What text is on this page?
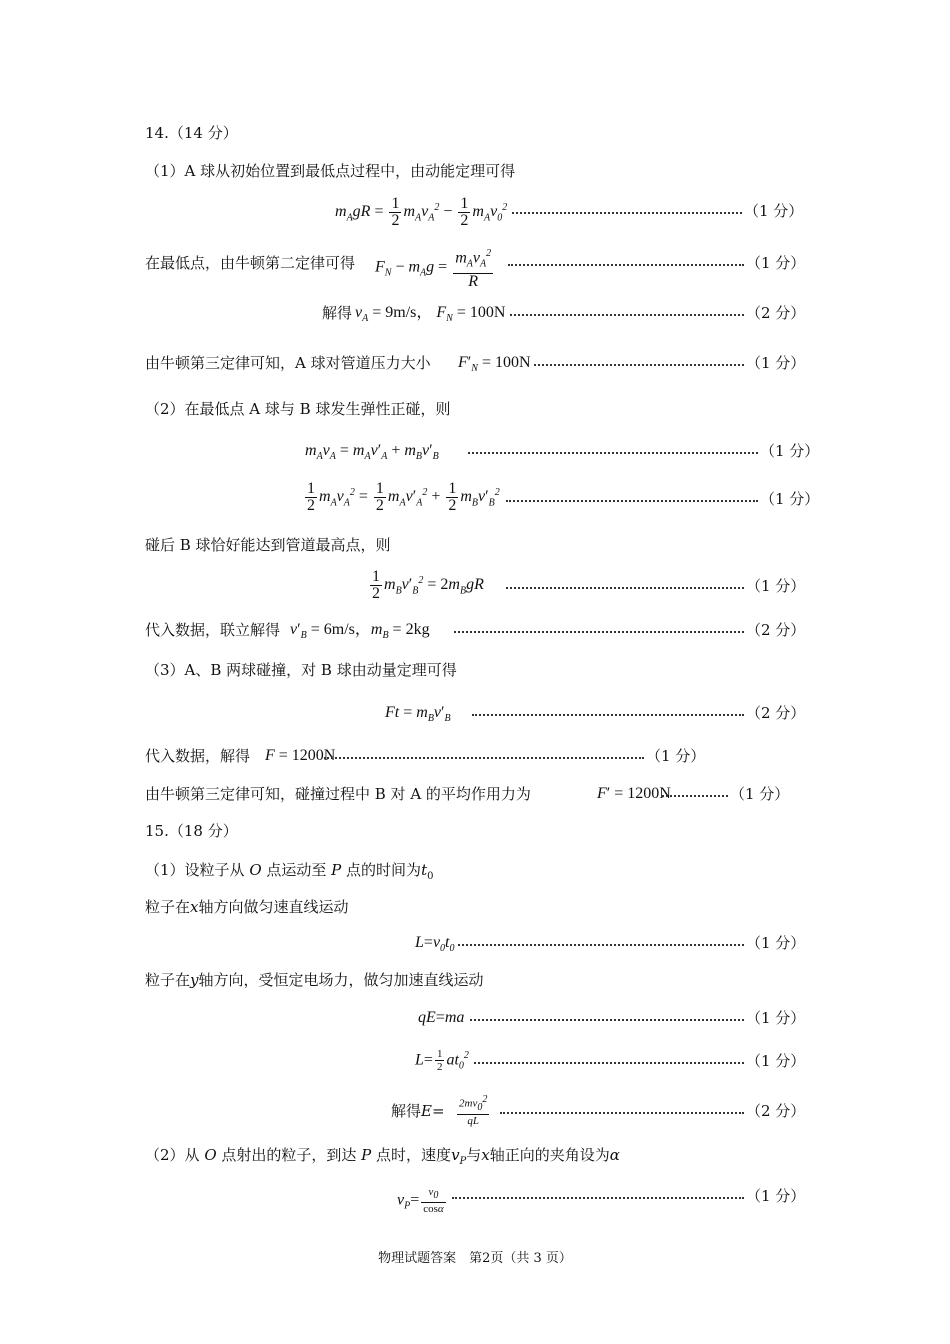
14.（14 分）
（1）A 球从初始位置到最低点过程中，由动能定理可得
$m_AgR = \frac{1}{2} m_Av_A^2 - \frac{1}{2} m_Av_0^2$	（1 分）
在最低点，由牛顿第二定律可得 $F_N - m_Ag = \frac{m_Av_A^2}{R}$	（1 分）
解得 $v_A = 9m/s$， $F_N = 100N$	（2 分）
由牛顿第三定律可知，A 球对管道压力大小 $F'_N = 100N$	（1 分）
（2）在最低点 A 球与 B 球发生弹性正碰，则
$m_Av_A = m_Av'_A + m_Bv'_B$	（1 分）
$\frac{1}{2} m_Av_A^2 = \frac{1}{2} m_Av'_A^2 + \frac{1}{2} m_Bv'_B^2$	（1 分）
碰后 B 球恰好能达到管道最高点，则
$\frac{1}{2} m_Bv'_B^2 = 2m_BgR$	（1 分）
代入数据，联立解得 $v'_B = 6m/s$，$m_B = 2kg$	（2 分）
（3）A、B 两球碰撞，对 B 球由动量定理可得
$Ft = m_Bv'_B$	（2 分）
代入数据，解得 F = 1200N	（1 分）
由牛顿第三定律可知，碰撞过程中 B 对 A 的平均作用力为	F′ = 1200N	（1 分）
15.（18 分）
（1）设粒子从 O 点运动至 P 点的时间为$t_0$
粒子在x轴方向做匀速直线运动
$L=v_0t_0$	（1 分）
粒子在y轴方向，受恒定电场力，做匀加速直线运动
qE=ma	（1 分）
$L= \frac{1}{2} at_0^2$	（1 分）
解得$E= \frac{2mv_0^2}{qL}$	（2 分）
（2）从 O 点射出的粒子，到达 P 点时，速度$v_P$与x轴正向的夹角设为α
$v_P= \frac{v_0}{\cos\alpha}$	（1 分）
物理试题答案　第2页（共 3 页）
